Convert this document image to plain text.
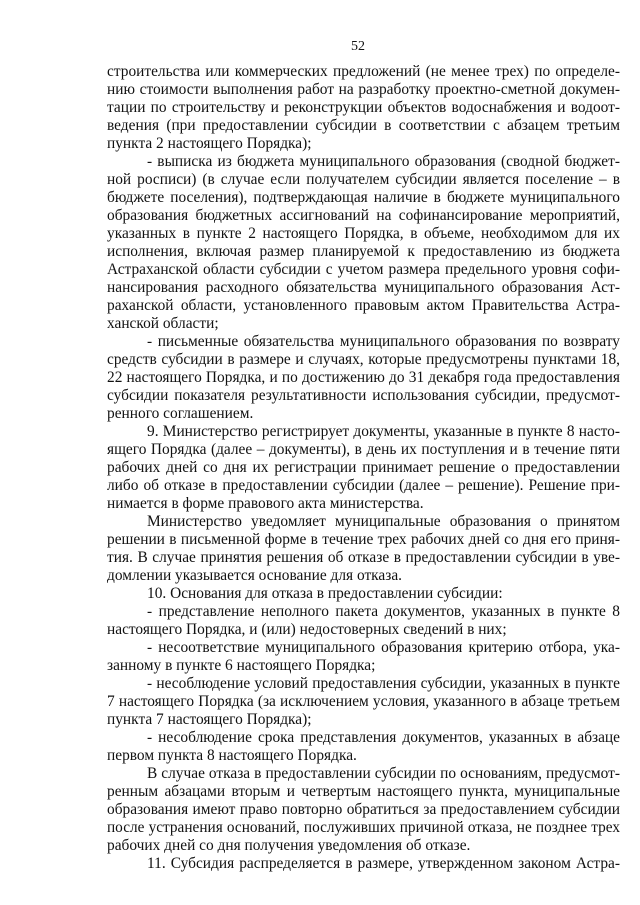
52
строительства или коммерческих предложений (не менее трех) по определе-
нию стоимости выполнения работ на разработку проектно-сметной докумен-
тации по строительству и реконструкции объектов водоснабжения и водоот-
ведения (при предоставлении субсидии в соответствии с абзацем третьим
пункта 2 настоящего Порядка);
- выписка из бюджета муниципального образования (сводной бюджет-
ной росписи) (в случае если получателем субсидии является поселение – в
бюджете поселения), подтверждающая наличие в бюджете муниципального
образования бюджетных ассигнований на софинансирование мероприятий,
указанных в пункте 2 настоящего Порядка, в объеме, необходимом для их
исполнения, включая размер планируемой к предоставлению из бюджета
Астраханской области субсидии с учетом размера предельного уровня софи-
нансирования расходного обязательства муниципального образования Аст-
раханской области, установленного правовым актом Правительства Астра-
ханской области;
- письменные обязательства муниципального образования по возврату
средств субсидии в размере и случаях, которые предусмотрены пунктами 18,
22 настоящего Порядка, и по достижению до 31 декабря года предоставления
субсидии показателя результативности использования субсидии, предусмот-
ренного соглашением.
9. Министерство регистрирует документы, указанные в пункте 8 насто-
ящего Порядка (далее – документы), в день их поступления и в течение пяти
рабочих дней со дня их регистрации принимает решение о предоставлении
либо об отказе в предоставлении субсидии (далее – решение). Решение при-
нимается в форме правового акта министерства.
Министерство уведомляет муниципальные образования о принятом
решении в письменной форме в течение трех рабочих дней со дня его приня-
тия. В случае принятия решения об отказе в предоставлении субсидии в уве-
домлении указывается основание для отказа.
10. Основания для отказа в предоставлении субсидии:
- представление неполного пакета документов, указанных в пункте 8
настоящего Порядка, и (или) недостоверных сведений в них;
- несоответствие муниципального образования критерию отбора, ука-
занному в пункте 6 настоящего Порядка;
- несоблюдение условий предоставления субсидии, указанных в пункте
7 настоящего Порядка (за исключением условия, указанного в абзаце третьем
пункта 7 настоящего Порядка);
- несоблюдение срока представления документов, указанных в абзаце
первом пункта 8 настоящего Порядка.
В случае отказа в предоставлении субсидии по основаниям, предусмот-
ренным абзацами вторым и четвертым настоящего пункта, муниципальные
образования имеют право повторно обратиться за предоставлением субсидии
после устранения оснований, послуживших причиной отказа, не позднее трех
рабочих дней со дня получения уведомления об отказе.
11. Субсидия распределяется в размере, утвержденном законом Астра-
